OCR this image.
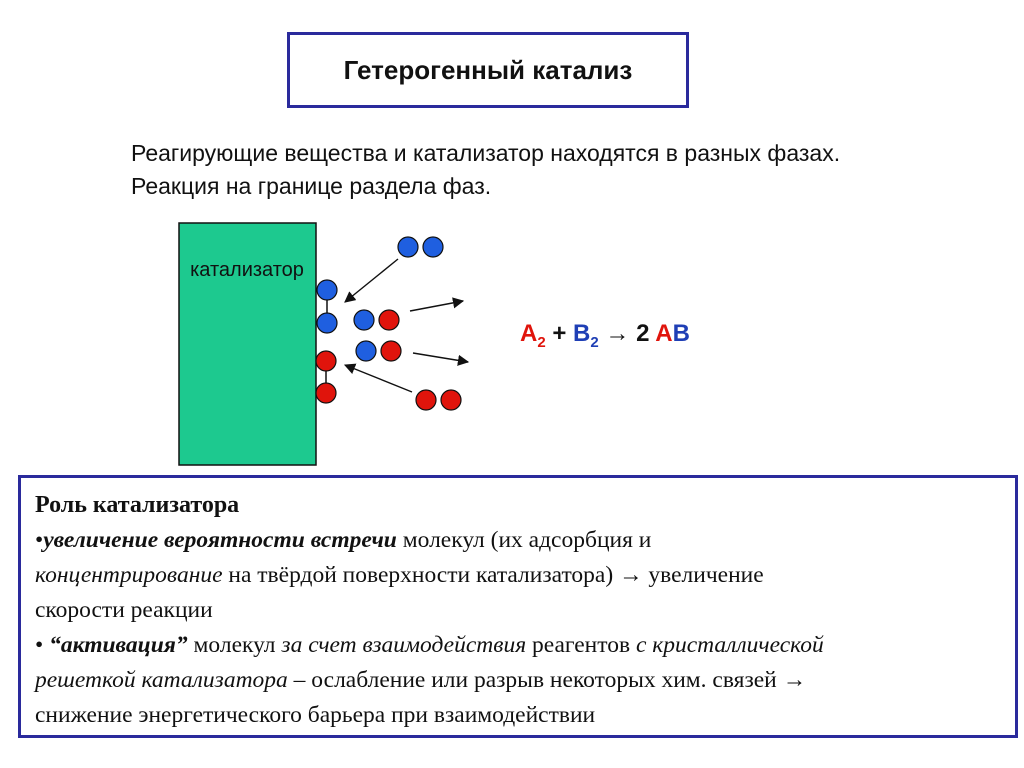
Гетерогенный катализ
Реагирующие вещества и катализатор находятся в разных фазах.
Реакция на границе раздела фаз.
катализатор
$A_2 + B_2 \to 2$ AB
Роль катализатора
•увеличение вероятности встречи молекул (их адсорбция и
концентрирование на твёрдой поверхности катализатора) → увеличение
скорости реакции
• “активация” молекул за счет взаимодействия реагентов с кристаллической
решеткой катализатора – ослабление или разрыв некоторых хим. связей →
снижение энергетического барьера при взаимодействии
